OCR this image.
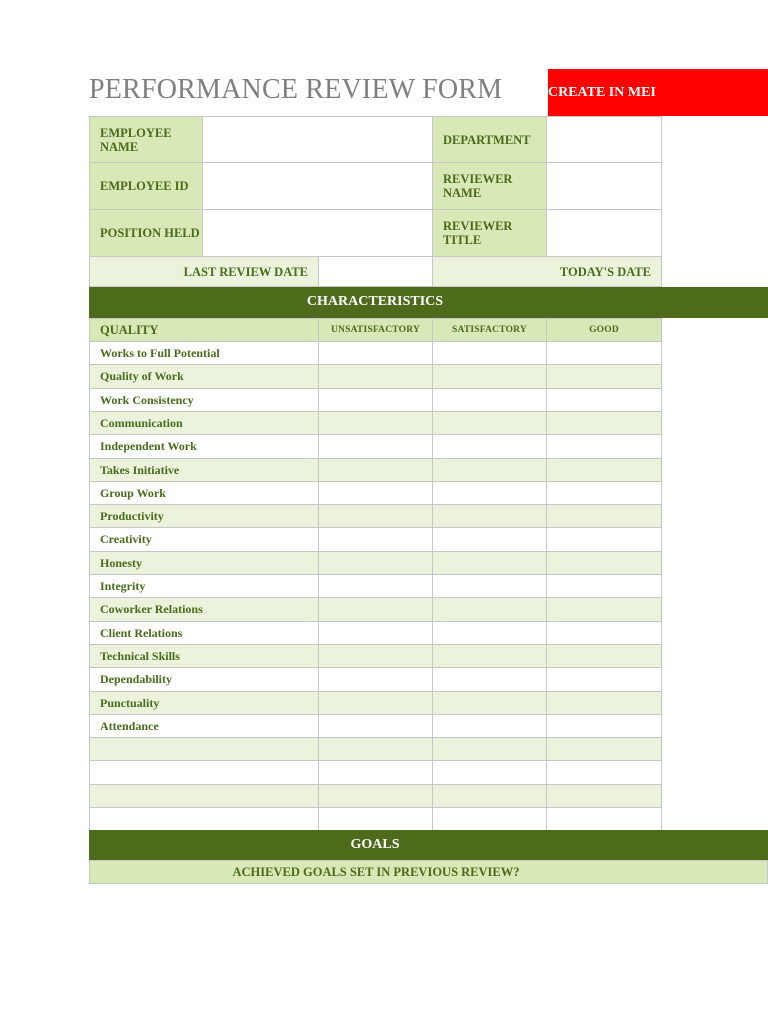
PERFORMANCE REVIEW FORM	CREATE IN MEI
EMPLOYEE NAME	DEPARTMENT
EMPLOYEE ID	REVIEWER NAME
POSITION HELD	REVIEWER TITLE
LAST REVIEW DATE	TODAY'S DATE
CHARACTERISTICS
QUALITY	UNSATISFACTORY	SATISFACTORY	GOOD
Works to Full Potential
Quality of Work
Work Consistency
Communication
Independent Work
Takes Initiative
Group Work
Productivity
Creativity
Honesty
Integrity
Coworker Relations
Client Relations
Technical Skills
Dependability
Punctuality
Attendance
GOALS
ACHIEVED GOALS SET IN PREVIOUS REVIEW?
